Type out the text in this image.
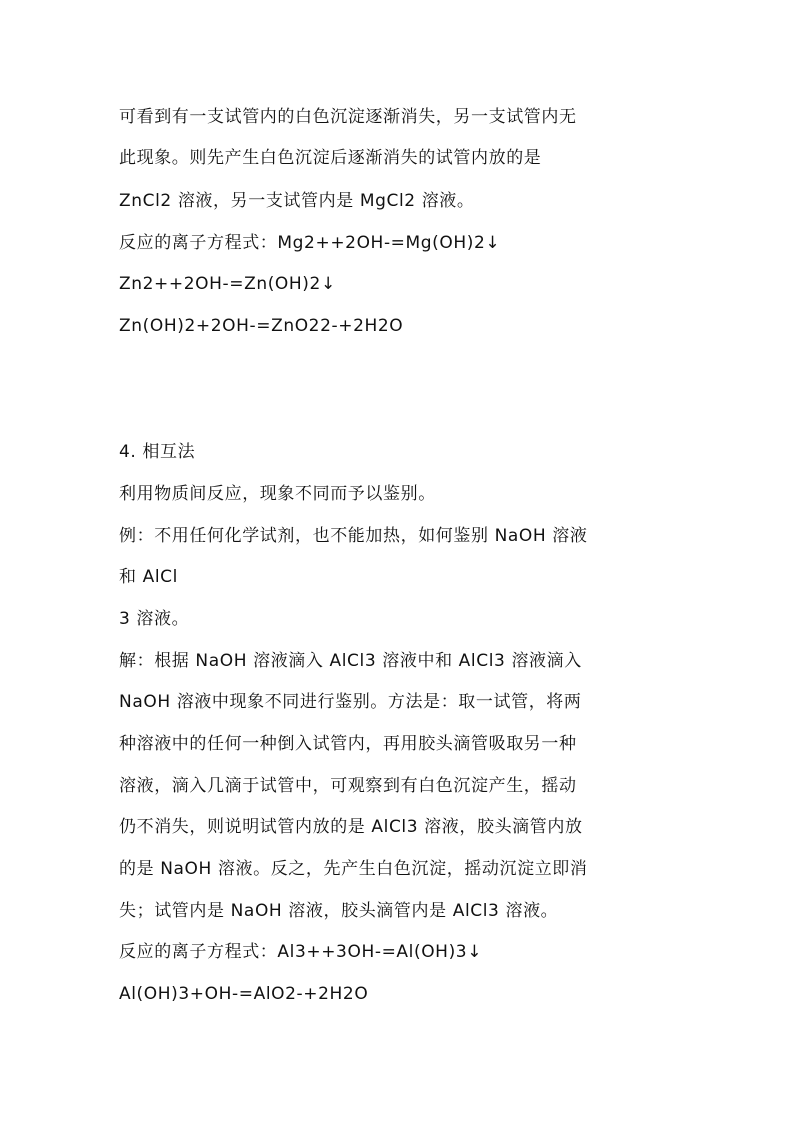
可看到有一支试管内的白色沉淀逐渐消失，另一支试管内无
此现象。则先产生白色沉淀后逐渐消失的试管内放的是
ZnCl2 溶液，另一支试管内是 MgCl2 溶液。
反应的离子方程式：Mg2++2OH-=Mg(OH)2↓
Zn2++2OH-=Zn(OH)2↓
Zn(OH)2+2OH-=ZnO22-+2H2O
4. 相互法
利用物质间反应，现象不同而予以鉴别。
例：不用任何化学试剂，也不能加热，如何鉴别 NaOH 溶液
和 AlCl
3 溶液。
解：根据 NaOH 溶液滴入 AlCl3 溶液中和 AlCl3 溶液滴入
NaOH 溶液中现象不同进行鉴别。方法是：取一试管，将两
种溶液中的任何一种倒入试管内，再用胶头滴管吸取另一种
溶液，滴入几滴于试管中，可观察到有白色沉淀产生，摇动
仍不消失，则说明试管内放的是 AlCl3 溶液，胶头滴管内放
的是 NaOH 溶液。反之，先产生白色沉淀，摇动沉淀立即消
失；试管内是 NaOH 溶液，胶头滴管内是 AlCl3 溶液。
反应的离子方程式：Al3++3OH-=Al(OH)3↓
Al(OH)3+OH-=AlO2-+2H2O
